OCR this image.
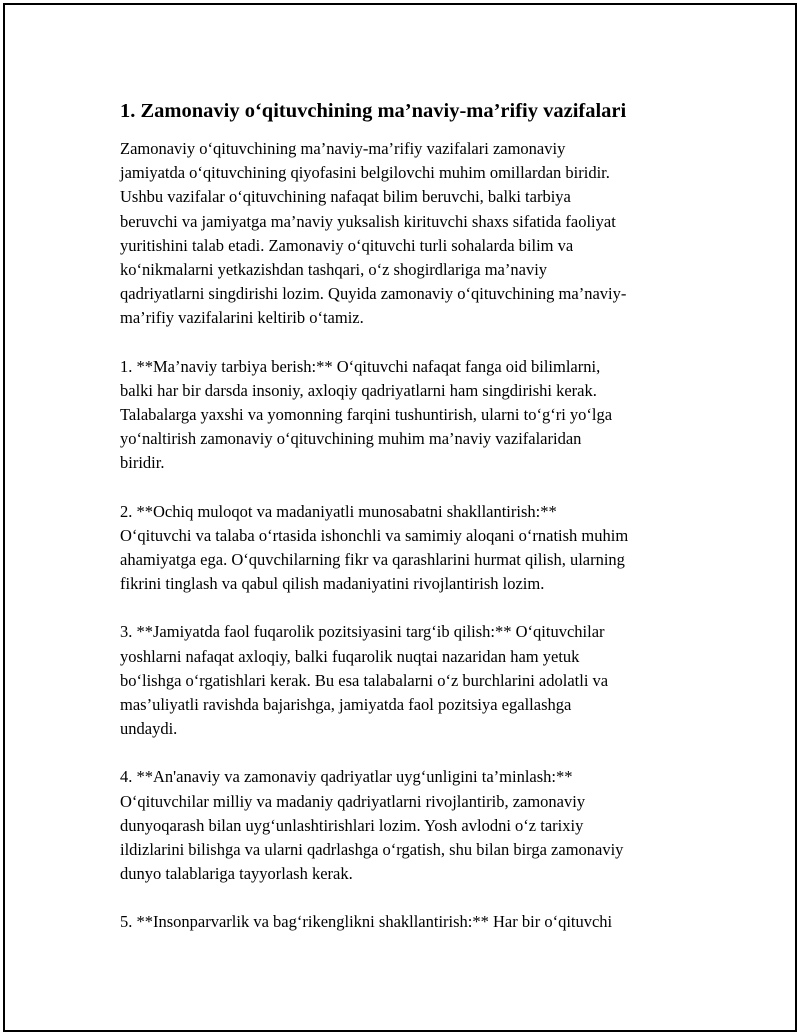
1. Zamonaviy o‘qituvchining ma’naviy-ma’rifiy vazifalari

Zamonaviy o‘qituvchining ma’naviy-ma’rifiy vazifalari zamonaviy
jamiyatda o‘qituvchining qiyofasini belgilovchi muhim omillardan biridir.
Ushbu vazifalar o‘qituvchining nafaqat bilim beruvchi, balki tarbiya
beruvchi va jamiyatga ma’naviy yuksalish kirituvchi shaxs sifatida faoliyat
yuritishini talab etadi. Zamonaviy o‘qituvchi turli sohalarda bilim va
ko‘nikmalarni yetkazishdan tashqari, o‘z shogirdlariga ma’naviy
qadriyatlarni singdirishi lozim. Quyida zamonaviy o‘qituvchining ma’naviy-
ma’rifiy vazifalarini keltirib o‘tamiz.

1. **Ma’naviy tarbiya berish:** O‘qituvchi nafaqat fanga oid bilimlarni,
balki har bir darsda insoniy, axloqiy qadriyatlarni ham singdirishi kerak.
Talabalarga yaxshi va yomonning farqini tushuntirish, ularni to‘g‘ri yo‘lga
yo‘naltirish zamonaviy o‘qituvchining muhim ma’naviy vazifalaridan
biridir.

2. **Ochiq muloqot va madaniyatli munosabatni shakllantirish:**
O‘qituvchi va talaba o‘rtasida ishonchli va samimiy aloqani o‘rnatish muhim
ahamiyatga ega. O‘quvchilarning fikr va qarashlarini hurmat qilish, ularning
fikrini tinglash va qabul qilish madaniyatini rivojlantirish lozim.

3. **Jamiyatda faol fuqarolik pozitsiyasini targ‘ib qilish:** O‘qituvchilar
yoshlarni nafaqat axloqiy, balki fuqarolik nuqtai nazaridan ham yetuk
bo‘lishga o‘rgatishlari kerak. Bu esa talabalarni o‘z burchlarini adolatli va
mas’uliyatli ravishda bajarishga, jamiyatda faol pozitsiya egallashga
undaydi.

4. **An'anaviy va zamonaviy qadriyatlar uyg‘unligini ta’minlash:**
O‘qituvchilar milliy va madaniy qadriyatlarni rivojlantirib, zamonaviy
dunyoqarash bilan uyg‘unlashtirishlari lozim. Yosh avlodni o‘z tarixiy
ildizlarini bilishga va ularni qadrlashga o‘rgatish, shu bilan birga zamonaviy
dunyo talablariga tayyorlash kerak.

5. **Insonparvarlik va bag‘rikenglikni shakllantirish:** Har bir o‘qituvchi
